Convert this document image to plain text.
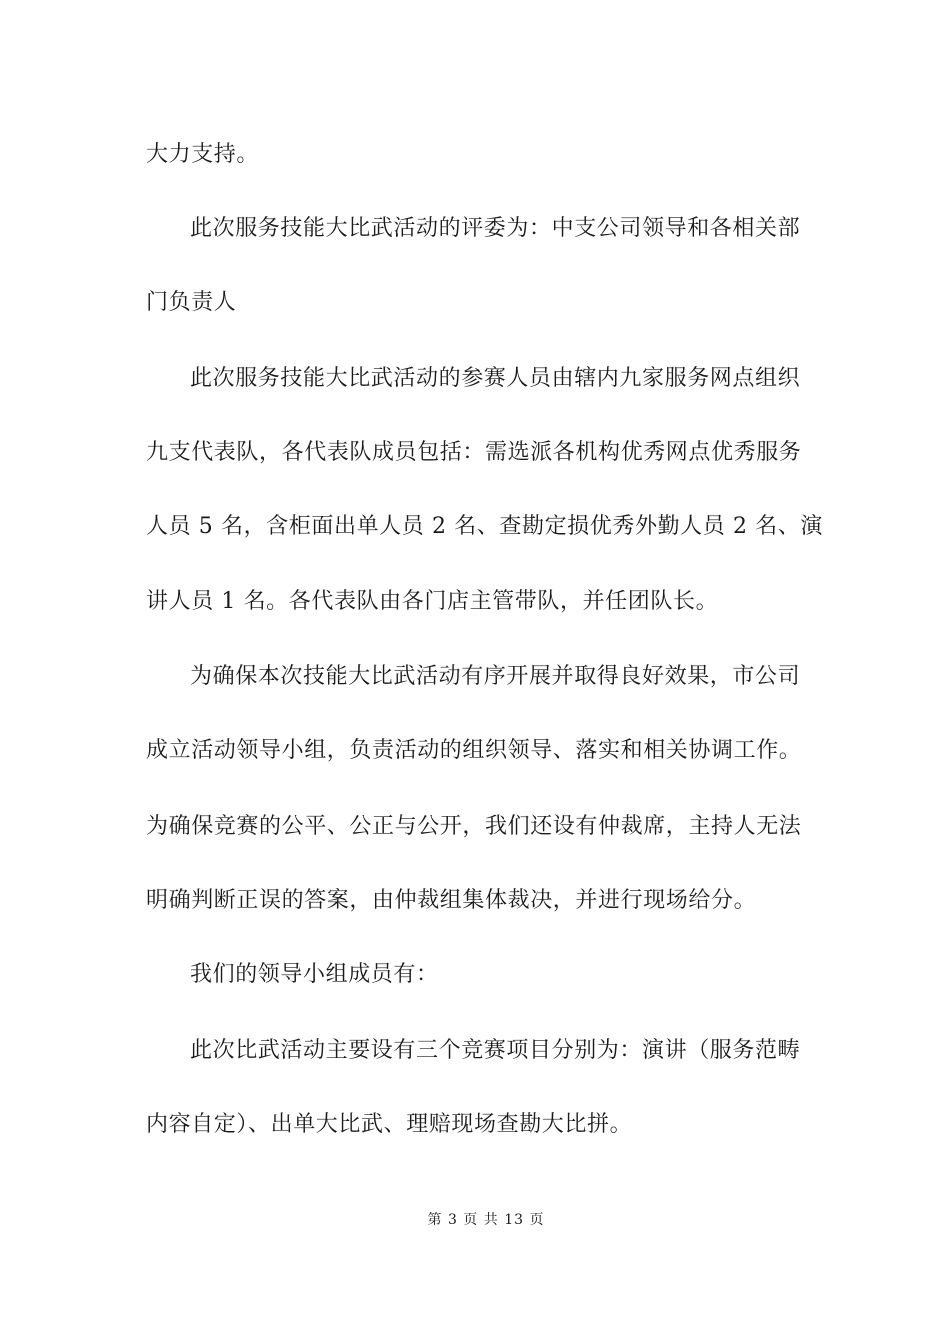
大力支持。
此次服务技能大比武活动的评委为：中支公司领导和各相关部
门负责人
此次服务技能大比武活动的参赛人员由辖内九家服务网点组织
九支代表队，各代表队成员包括：需选派各机构优秀网点优秀服务
人员 5 名，含柜面出单人员 2 名、查勘定损优秀外勤人员 2 名、演
讲人员 1 名。各代表队由各门店主管带队，并任团队长。
为确保本次技能大比武活动有序开展并取得良好效果，市公司
成立活动领导小组，负责活动的组织领导、落实和相关协调工作。
为确保竞赛的公平、公正与公开，我们还设有仲裁席，主持人无法
明确判断正误的答案，由仲裁组集体裁决，并进行现场给分。
我们的领导小组成员有：
此次比武活动主要设有三个竞赛项目分别为：演讲（服务范畴
内容自定）、出单大比武、理赔现场查勘大比拼。
第 3 页 共 13 页
